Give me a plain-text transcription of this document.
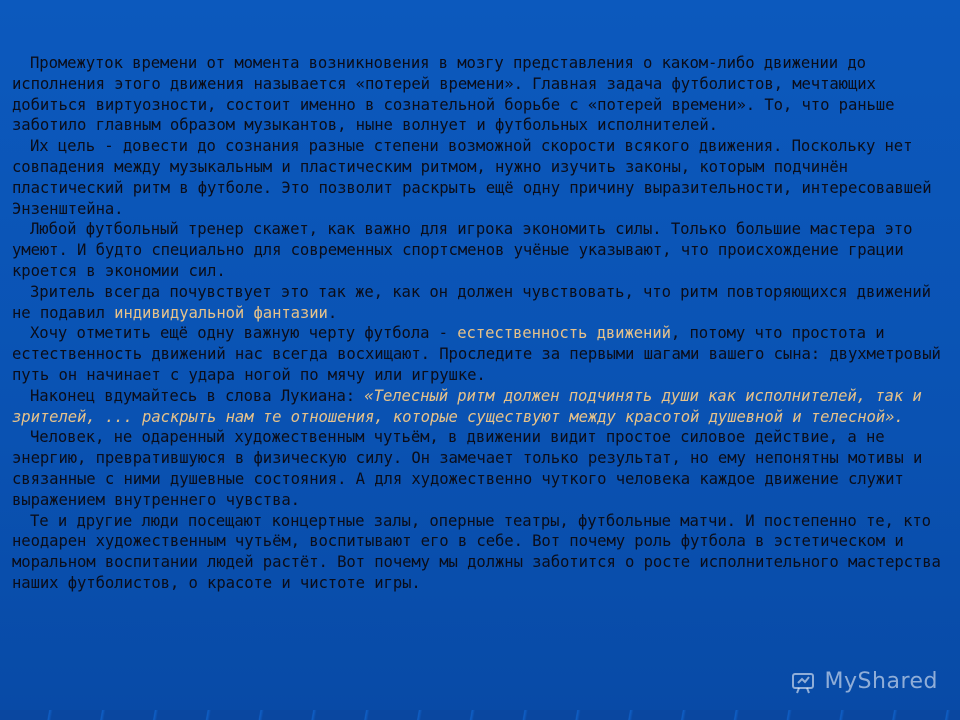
Промежуток времени от момента возникновения в мозгу представления о каком-либо движении до исполнения этого движения называется «потерей времени». Главная задача футболистов, мечтающих добиться виртуозности, состоит именно в сознательной борьбе с «потерей времени». То, что раньше заботило главным образом музыкантов, ныне волнует и футбольных исполнителей.

Их цель - довести до сознания разные степени возможной скорости всякого движения. Поскольку нет совпадения между музыкальным и пластическим ритмом, нужно изучить законы, которым подчинён пластический ритм в футболе. Это позволит раскрыть ещё одну причину выразительности, интересовавшей Энзенштейна.

Любой футбольный тренер скажет, как важно для игрока экономить силы. Только большие мастера это умеют. И будто специально для современных спортсменов учёные указывают, что происхождение грации кроется в экономии сил.

Зритель всегда почувствует это так же, как он должен чувствовать, что ритм повторяющихся движений не подавил индивидуальной фантазии.

Хочу отметить ещё одну важную черту футбола - естественность движений, потому что простота и естественность движений нас всегда восхищают. Проследите за первыми шагами вашего сына: двухметровый путь он начинает с удара ногой по мячу или игрушке.

Наконец вдумайтесь в слова Лукиана: «Телесный ритм должен подчинять души как исполнителей, так и зрителей, ... раскрыть нам те отношения, которые существуют между красотой душевной и телесной».

Человек, не одаренный художественным чутьём, в движении видит простое силовое действие, а не энергию, превратившуюся в физическую силу. Он замечает только результат, но ему непонятны мотивы и связанные с ними душевные состояния. А для художественно чуткого человека каждое движение служит выражением внутреннего чувства.

Те и другие люди посещают концертные залы, оперные театры, футбольные матчи. И постепенно те, кто неодарен художественным чутьём, воспитывают его в себе. Вот почему роль футбола в эстетическом и моральном воспитании людей растёт. Вот почему мы должны заботится о росте исполнительного мастерства наших футболистов, о красоте и чистоте игры.

MyShared
